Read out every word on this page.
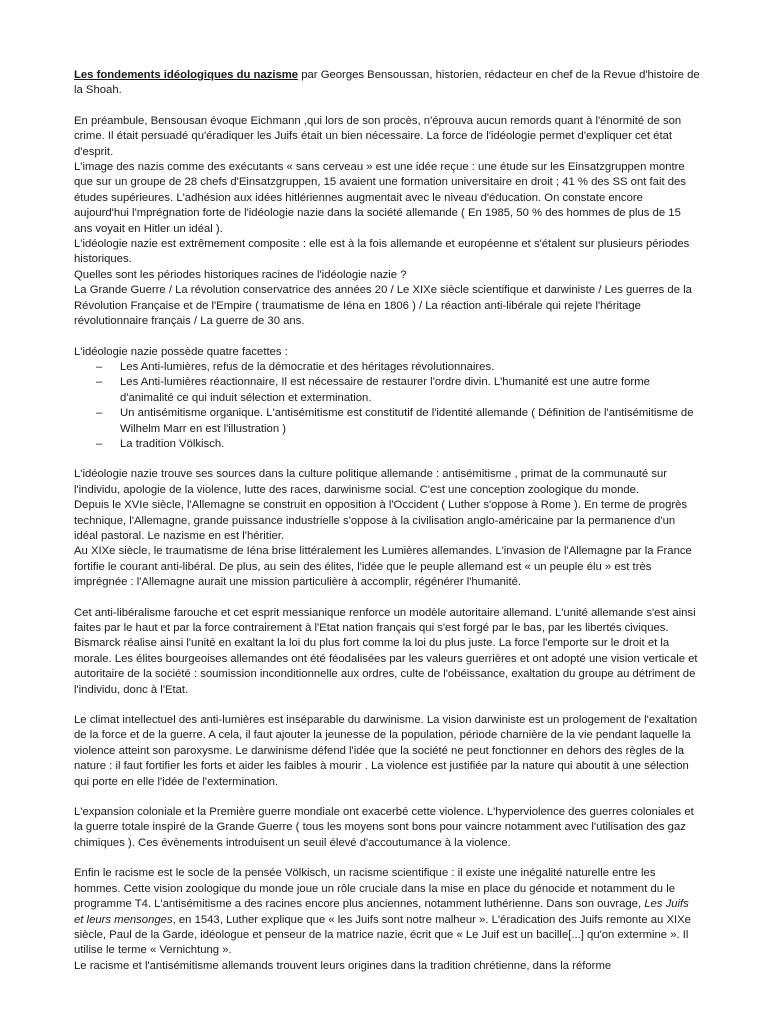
Les fondements idéologiques du nazisme par Georges Bensoussan, historien, rédacteur en chef de la Revue d'histoire de la Shoah.

En préambule, Bensousan évoque Eichmann ,qui lors de son procès, n'éprouva aucun remords quant à l'énormité de son crime. Il était persuadé qu'éradiquer les Juifs était un bien nécessaire. La force de l'idéologie permet d'expliquer cet état d'esprit.

L'image des nazis comme des exécutants « sans cerveau » est une idée reçue : une étude sur les Einsatzgruppen montre que sur un groupe de 28 chefs d'Einsatzgruppen, 15 avaient une formation universitaire en droit ; 41 % des SS ont fait des études supérieures. L'adhésion aux idées hitlériennes augmentait avec le niveau d'éducation. On constate encore aujourd'hui l'mprégnation forte de l'idéologie nazie dans la société allemande ( En 1985, 50 % des hommes de plus de 15 ans voyait en Hitler un idéal ).

L'idéologie nazie est extrêmement composite : elle est à la fois allemande et européenne et s'étalent sur plusieurs périodes historiques.

Quelles sont les périodes historiques racines de l'idéologie nazie ?

La Grande Guerre / La révolution conservatrice des années 20 / Le XIXe siècle scientifique et darwiniste / Les guerres de la Révolution Française et de l'Empire ( traumatisme de Iéna en 1806 ) / La réaction anti-libérale qui rejete l'héritage révolutionnaire français / La guerre de 30 ans.

L'idéologie nazie possède quatre facettes :

– Les Anti-lumières, refus de la démocratie et des héritages révolutionnaires.
– Les Anti-lumières réactionnaire, Il est nécessaire de restaurer l'ordre divin. L'humanité est une autre forme d'animalité ce qui induit sélection et extermination.
– Un antisémitisme organique. L'antisémitisme est constitutif de l'identité allemande ( Définition de l'antisémitisme de Wilhelm Marr en est l'illustration )
– La tradition Völkisch.

L'idéologie nazie trouve ses sources dans la culture politique allemande : antisémitisme , primat de la communauté sur l'individu, apologie de la violence, lutte des races, darwinisme social. C'est une conception zoologique du monde.

Depuis le XVIe siècle, l'Allemagne se construit en opposition à l'Occident ( Luther s'oppose à Rome ). En terme de progrès technique, l'Allemagne, grande puissance industrielle s'oppose à la civilisation anglo-américaine par la permanence d'un idéal pastoral. Le nazisme en est l'héritier.

Au XIXe siècle, le traumatisme de Iéna brise littéralement les Lumières allemandes. L'invasion de l'Allemagne par la France fortifie le courant anti-libéral. De plus, au sein des élites, l'idée que le peuple allemand est « un peuple élu » est très imprégnée : l'Allemagne aurait une mission particulière à accomplir, régénérer l'humanité.

Cet anti-libéralisme farouche et cet esprit messianique renforce un modèle autoritaire allemand. L'unité allemande s'est ainsi faites par le haut et par la force contrairement à l'Etat nation français qui s'est forgé par le bas, par les libertés civiques. Bismarck réalise ainsi l'unité en exaltant la loi du plus fort comme la loi du plus juste. La force l'emporte sur le droit et la morale. Les élites bourgeoises allemandes ont été féodalisées par les valeurs guerrières et ont adopté une vision verticale et autoritaire de la société : soumission inconditionnelle aux ordres, culte de l'obéissance, exaltation du groupe au détriment de l'individu, donc à l'Etat.

Le climat intellectuel des anti-lumières est inséparable du darwinisme. La vision darwiniste est un prologement de l'exaltation de la force et de la guerre. A cela, il faut ajouter la jeunesse de la population, période charnière de la vie pendant laquelle la violence atteint son paroxysme. Le darwinisme défend l'idée que la société ne peut fonctionner en dehors des règles de la nature : il faut fortifier les forts et aider les faibles à mourir . La violence est justifiée par la nature qui aboutit à une sélection qui porte en elle l'idée de l'extermination.

L'expansion coloniale et la Première guerre mondiale ont exacerbé cette violence. L'hyperviolence des guerres coloniales et la guerre totale inspiré de la Grande Guerre ( tous les moyens sont bons pour vaincre notamment avec l'utilisation des gaz chimiques ). Ces évènements introduisent un seuil élevé d'accoutumance à la violence.

Enfin le racisme est le socle de la pensée Völkisch, un racisme scientifique : il existe une inégalité naturelle entre les hommes. Cette vision zoologique du monde joue un rôle cruciale dans la mise en place du génocide et notamment du le programme T4. L'antisémitisme a des racines encore plus anciennes, notamment luthérienne. Dans son ouvrage, Les Juifs et leurs mensonges, en 1543, Luther explique que « les Juifs sont notre malheur ». L'éradication des Juifs remonte au XIXe siècle, Paul de la Garde, idéologue et penseur de la matrice nazie, écrit que « Le Juif est un bacille[...] qu'on extermine ». Il utilise le terme « Vernichtung ».

Le racisme et l'antisémitisme allemands trouvent leurs origines dans la tradition chrétienne, dans la réforme
